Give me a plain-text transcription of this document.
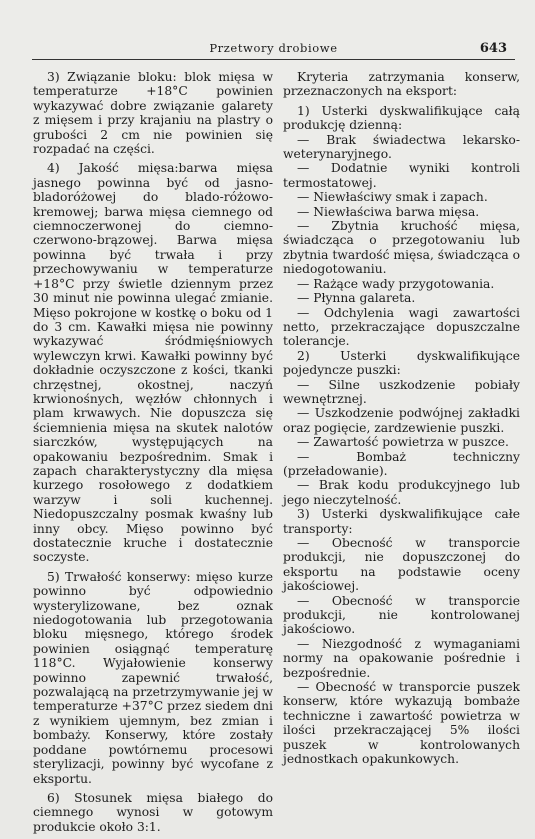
Przetwory drobiowe	643

3) Związanie bloku: blok mięsa w temperaturze +18°C powinien wykazywać dobre związanie galarety z mięsem i przy krajaniu na plastry o grubości 2 cm nie powinien się rozpadać na części.

4) Jakość mięsa:barwa mięsa jasnego powinna być od jasno-bladoróżowej do blado-różowo-kremowej; barwa mięsa ciemnego od ciemnoczerwonej do ciemno-czerwono-brązowej. Barwa mięsa powinna być trwała i przy przechowywaniu w temperaturze +18°C przy świetle dziennym przez 30 minut nie powinna ulegać zmianie. Mięso pokrojone w kostkę o boku od 1 do 3 cm. Kawałki mięsa nie powinny wykazywać śródmięśniowych wylewczyn krwi. Kawałki powinny być dokładnie oczyszczone z kości, tkanki chrzęstnej, okostnej, naczyń krwionośnych, węzłów chłonnych i plam krwawych. Nie dopuszcza się ściemnienia mięsa na skutek nalotów siarczków, występujących na opakowaniu bezpośrednim. Smak i zapach charakterystyczny dla mięsa kurzego rosołowego z dodatkiem warzyw i soli kuchennej. Niedopuszczalny posmak kwaśny lub inny obcy. Mięso powinno być dostatecznie kruche i dostatecznie soczyste.

5) Trwałość konserwy: mięso kurze powinno być odpowiednio wysterylizowane, bez oznak niedogotowania lub przegotowania bloku mięsnego, którego środek powinien osiągnąć temperaturę 118°C. Wyjałowienie konserwy powinno zapewnić trwałość, pozwalającą na przetrzymywanie jej w temperaturze +37°C przez siedem dni z wynikiem ujemnym, bez zmian i bombaży. Konserwy, które zostały poddane powtórnemu procesowi sterylizacji, powinny być wycofane z eksportu.

6) Stosunek mięsa białego do ciemnego wynosi w gotowym produkcie około 3:1.

Kryteria zatrzymania konserw, przeznaczonych na eksport:

1) Usterki dyskwalifikujące całą produkcję dzienną:

— Brak świadectwa lekarsko-weterynaryjnego.

— Dodatnie wyniki kontroli termostatowej.

— Niewłaściwy smak i zapach.

— Niewłaściwa barwa mięsa.

— Zbytnia kruchość mięsa, świadcząca o przegotowaniu lub zbytnia twardość mięsa, świadcząca o niedogotowaniu.

— Rażące wady przygotowania.

— Płynna galareta.

— Odchylenia wagi zawartości netto, przekraczające dopuszczalne tolerancje.

2) Usterki dyskwalifikujące pojedyncze puszki:

— Silne uszkodzenie pobiały wewnętrznej.

— Uszkodzenie podwójnej zakładki oraz pogięcie, zardzewienie puszki.

— Zawartość powietrza w puszce.

— Bombaż techniczny (przeładowanie).

— Brak kodu produkcyjnego lub jego nieczytelność.

3) Usterki dyskwalifikujące całe transporty:

— Obecność w transporcie produkcji, nie dopuszczonej do eksportu na podstawie oceny jakościowej.

— Obecność w transporcie produkcji, nie kontrolowanej jakościowo.

— Niezgodność z wymaganiami normy na opakowanie pośrednie i bezpośrednie.

— Obecność w transporcie puszek konserw, które wykazują bombaże techniczne i zawartość powietrza w ilości przekraczającej 5% ilości puszek w kontrolowanych jednostkach opakunkowych.
